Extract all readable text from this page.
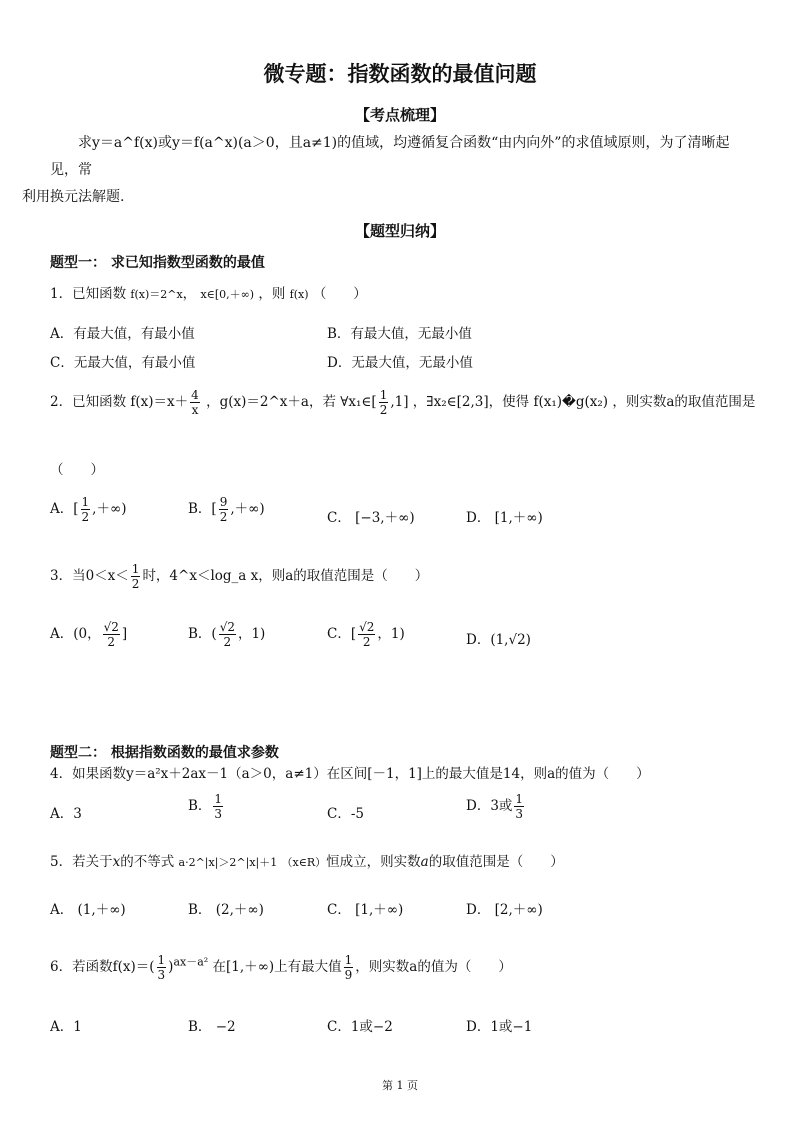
微专题：指数函数的最值问题
【考点梳理】
求y＝a^f(x)或y＝f(a^x)(a＞0，且a≠1)的值域，均遵循复合函数“由内向外”的求值域原则，为了清晰起见，常
利用换元法解题.
【题型归纳】
题型一： 求已知指数型函数的最值
1．已知函数 f(x)＝2^x， x∈[0,＋∞) ，则 f(x) （　　）
A．有最大值，有最小值	B．有最大值，无最小值
C．无最大值，有最小值	D．无最大值，无最小值
2．已知函数 $f(x)=x+ \frac{4}{x}$ ，g(x)＝2^x＋a，若 ∀x₁∈[ $\frac{1}{2} ,1$] ，∃x₂∈[2,3]，使得 f(x₁)�g(x₂) ，则实数a的取值范围是
（　　）
A．[ $\frac{1}{2}$ ,＋∞)	B．[ $\frac{9}{2}$ ,＋∞)
C． [−3,＋∞)	D． [1,＋∞)
3．当$0<x< \frac{1}{2}$ 时，4^x＜log_a x，则a的取值范围是（　　）
A．(0， $\frac{√2}{2}$ ]	B．( $\frac{√2}{2}$ ，1)	C．[ $\frac{√2}{2}$ ，1)	D．(1,√2)
题型二： 根据指数函数的最值求参数
4．如果函数y＝a²x＋2ax－1（a＞0，a≠1）在区间[－1，1]上的最大值是14，则a的值为（　　）
A．3	B． $\frac{1}{3}$	C．-5	D．3或 $\frac{1}{3}$
5．若关于x的不等式 a·2^|x|＞2^|x|＋1 （x∈R）恒成立，则实数a的取值范围是（　　）
A． (1,＋∞)	B． (2,＋∞)	C． [1,＋∞)	D． [2,＋∞)
6．若函数$f(x)=( \frac{1}{3} )^{ax-a^2}$ 在[1,＋∞)上有最大值 $\frac{1}{9}$ ，则实数a的值为（　　）
A．1	B． −2	C．1或−2	D．1或−1
第 1 页
